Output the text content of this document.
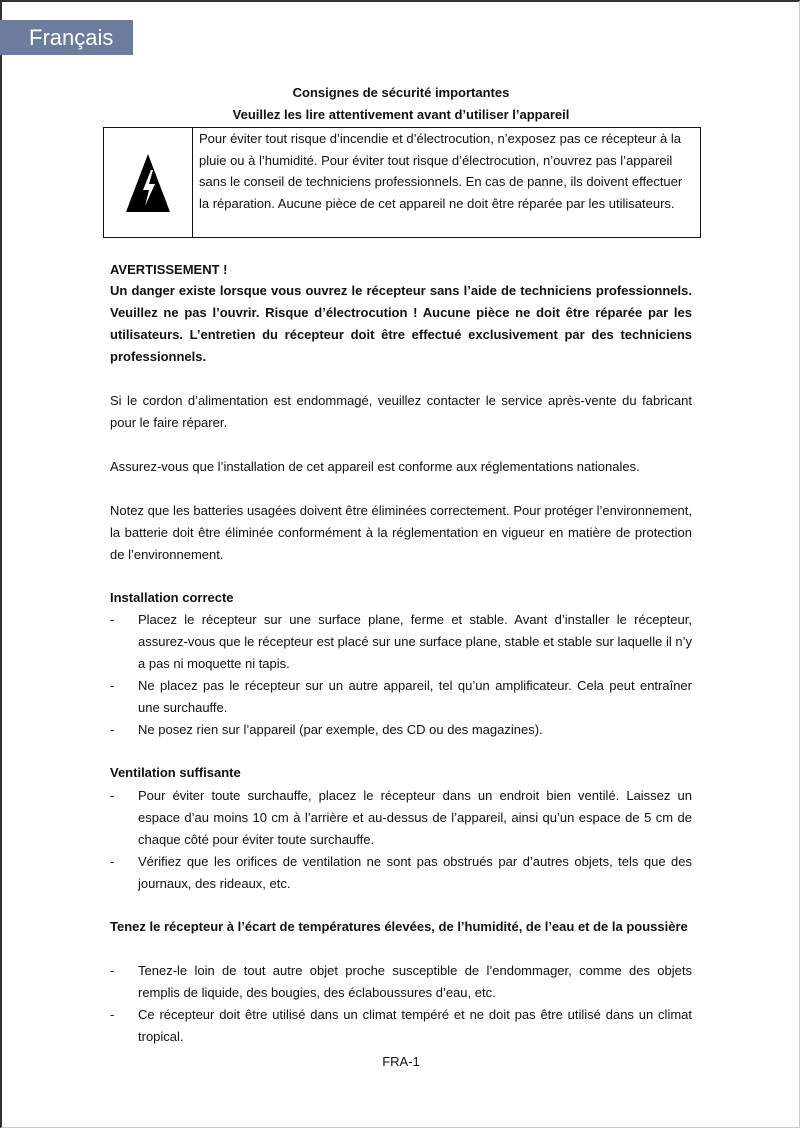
Français
Consignes de sécurité importantes
Veuillez les lire attentivement avant d’utiliser l’appareil
Pour éviter tout risque d’incendie et d’électrocution, n’exposez pas ce récepteur à la pluie ou à l’humidité. Pour éviter tout risque d’électrocution, n’ouvrez pas l’appareil sans le conseil de techniciens professionnels. En cas de panne, ils doivent effectuer la réparation. Aucune pièce de cet appareil ne doit être réparée par les utilisateurs.
AVERTISSEMENT !
Un danger existe lorsque vous ouvrez le récepteur sans l’aide de techniciens professionnels. Veuillez ne pas l’ouvrir. Risque d’électrocution ! Aucune pièce ne doit être réparée par les utilisateurs. L’entretien du récepteur doit être effectué exclusivement par des techniciens professionnels.
Si le cordon d’alimentation est endommagé, veuillez contacter le service après-vente du fabricant pour le faire réparer.
Assurez-vous que l’installation de cet appareil est conforme aux réglementations nationales.
Notez que les batteries usagées doivent être éliminées correctement. Pour protéger l’environnement, la batterie doit être éliminée conformément à la réglementation en vigueur en matière de protection de l’environnement.
Installation correcte
- Placez le récepteur sur une surface plane, ferme et stable. Avant d’installer le récepteur, assurez-vous que le récepteur est placé sur une surface plane, stable et stable sur laquelle il n’y a pas ni moquette ni tapis.
- Ne placez pas le récepteur sur un autre appareil, tel qu’un amplificateur. Cela peut entraîner une surchauffe.
- Ne posez rien sur l’appareil (par exemple, des CD ou des magazines).
Ventilation suffisante
- Pour éviter toute surchauffe, placez le récepteur dans un endroit bien ventilé. Laissez un espace d’au moins 10 cm à l’arrière et au-dessus de l’appareil, ainsi qu’un espace de 5 cm de chaque côté pour éviter toute surchauffe.
- Vérifiez que les orifices de ventilation ne sont pas obstrués par d’autres objets, tels que des journaux, des rideaux, etc.
Tenez le récepteur à l’écart de températures élevées, de l’humidité, de l’eau et de la poussière
- Tenez-le loin de tout autre objet proche susceptible de l’endommager, comme des objets remplis de liquide, des bougies, des éclaboussures d’eau, etc.
- Ce récepteur doit être utilisé dans un climat tempéré et ne doit pas être utilisé dans un climat tropical.
FRA-1
